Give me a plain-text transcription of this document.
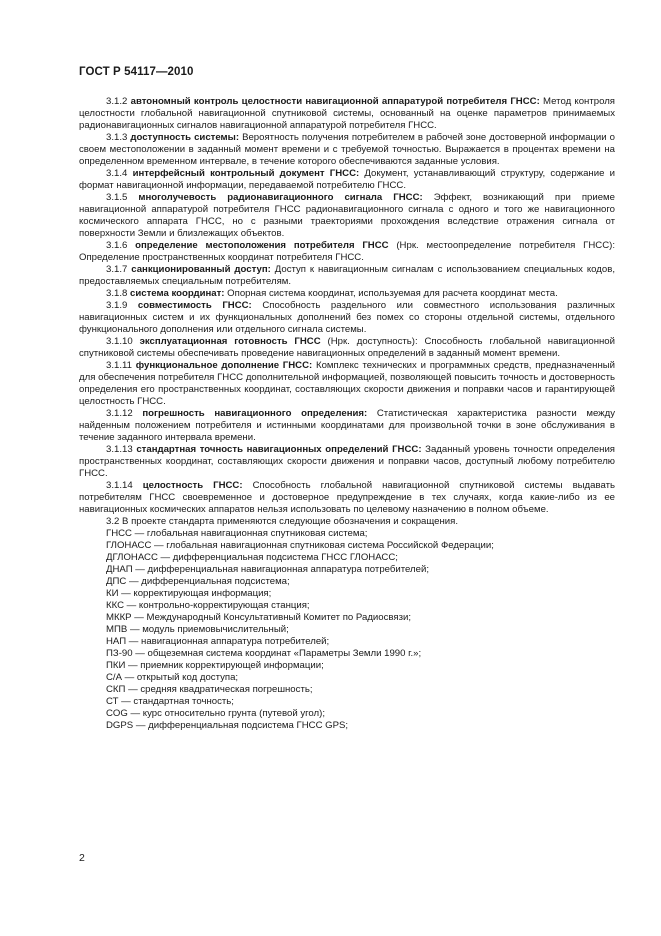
ГОСТ Р 54117—2010

3.1.2 автономный контроль целостности навигационной аппаратурой потребителя ГНСС: Метод контроля целостности глобальной навигационной спутниковой системы, основанный на оценке параметров принимаемых радионавигационных сигналов навигационной аппаратурой потребителя ГНСС.

3.1.3 доступность системы: Вероятность получения потребителем в рабочей зоне достоверной информации о своем местоположении в заданный момент времени и с требуемой точностью. Выражается в процентах времени на определенном временном интервале, в течение которого обеспечиваются заданные условия.

3.1.4 интерфейсный контрольный документ ГНСС: Документ, устанавливающий структуру, содержание и формат навигационной информации, передаваемой потребителю ГНСС.

3.1.5 многолучевость радионавигационного сигнала ГНСС: Эффект, возникающий при приеме навигационной аппаратурой потребителя ГНСС радионавигационного сигнала с одного и того же навигационного космического аппарата ГНСС, но с разными траекториями прохождения вследствие отражения сигнала от поверхности Земли и близлежащих объектов.

3.1.6 определение местоположения потребителя ГНСС (Нрк. местоопределение потребителя ГНСС): Определение пространственных координат потребителя ГНСС.

3.1.7 санкционированный доступ: Доступ к навигационным сигналам с использованием специальных кодов, предоставляемых специальным потребителям.

3.1.8 система координат: Опорная система координат, используемая для расчета координат места.

3.1.9 совместимость ГНСС: Способность раздельного или совместного использования различных навигационных систем и их функциональных дополнений без помех со стороны отдельной системы, отдельного функционального дополнения или отдельного сигнала системы.

3.1.10 эксплуатационная готовность ГНСС (Нрк. доступность): Способность глобальной навигационной спутниковой системы обеспечивать проведение навигационных определений в заданный момент времени.

3.1.11 функциональное дополнение ГНСС: Комплекс технических и программных средств, предназначенный для обеспечения потребителя ГНСС дополнительной информацией, позволяющей повысить точность и достоверность определения его пространственных координат, составляющих скорости движения и поправки часов и гарантирующей целостность ГНСС.

3.1.12 погрешность навигационного определения: Статистическая характеристика разности между найденным положением потребителя и истинными координатами для произвольной точки в зоне обслуживания в течение заданного интервала времени.

3.1.13 стандартная точность навигационных определений ГНСС: Заданный уровень точности определения пространственных координат, составляющих скорости движения и поправки часов, доступный любому потребителю ГНСС.

3.1.14 целостность ГНСС: Способность глобальной навигационной спутниковой системы выдавать потребителям ГНСС своевременное и достоверное предупреждение в тех случаях, когда какие-либо из ее навигационных космических аппаратов нельзя использовать по целевому назначению в полном объеме.

3.2 В проекте стандарта применяются следующие обозначения и сокращения.

ГНСС — глобальная навигационная спутниковая система;
ГЛОНАСС — глобальная навигационная спутниковая система Российской Федерации;
ДГЛОНАСС — дифференциальная подсистема ГНСС ГЛОНАСС;
ДНАП — дифференциальная навигационная аппаратура потребителей;
ДПС — дифференциальная подсистема;
КИ — корректирующая информация;
ККС — контрольно-корректирующая станция;
МККР — Международный Консультативный Комитет по Радиосвязи;
МПВ — модуль приемовычислительный;
НАП — навигационная аппаратура потребителей;
ПЗ-90 — общеземная система координат «Параметры Земли 1990 г.»;
ПКИ — приемник корректирующей информации;
С/А — открытый код доступа;
СКП — средняя квадратическая погрешность;
СТ — стандартная точность;
COG — курс относительно грунта (путевой угол);
DGPS — дифференциальная подсистема ГНСС GPS;
2
